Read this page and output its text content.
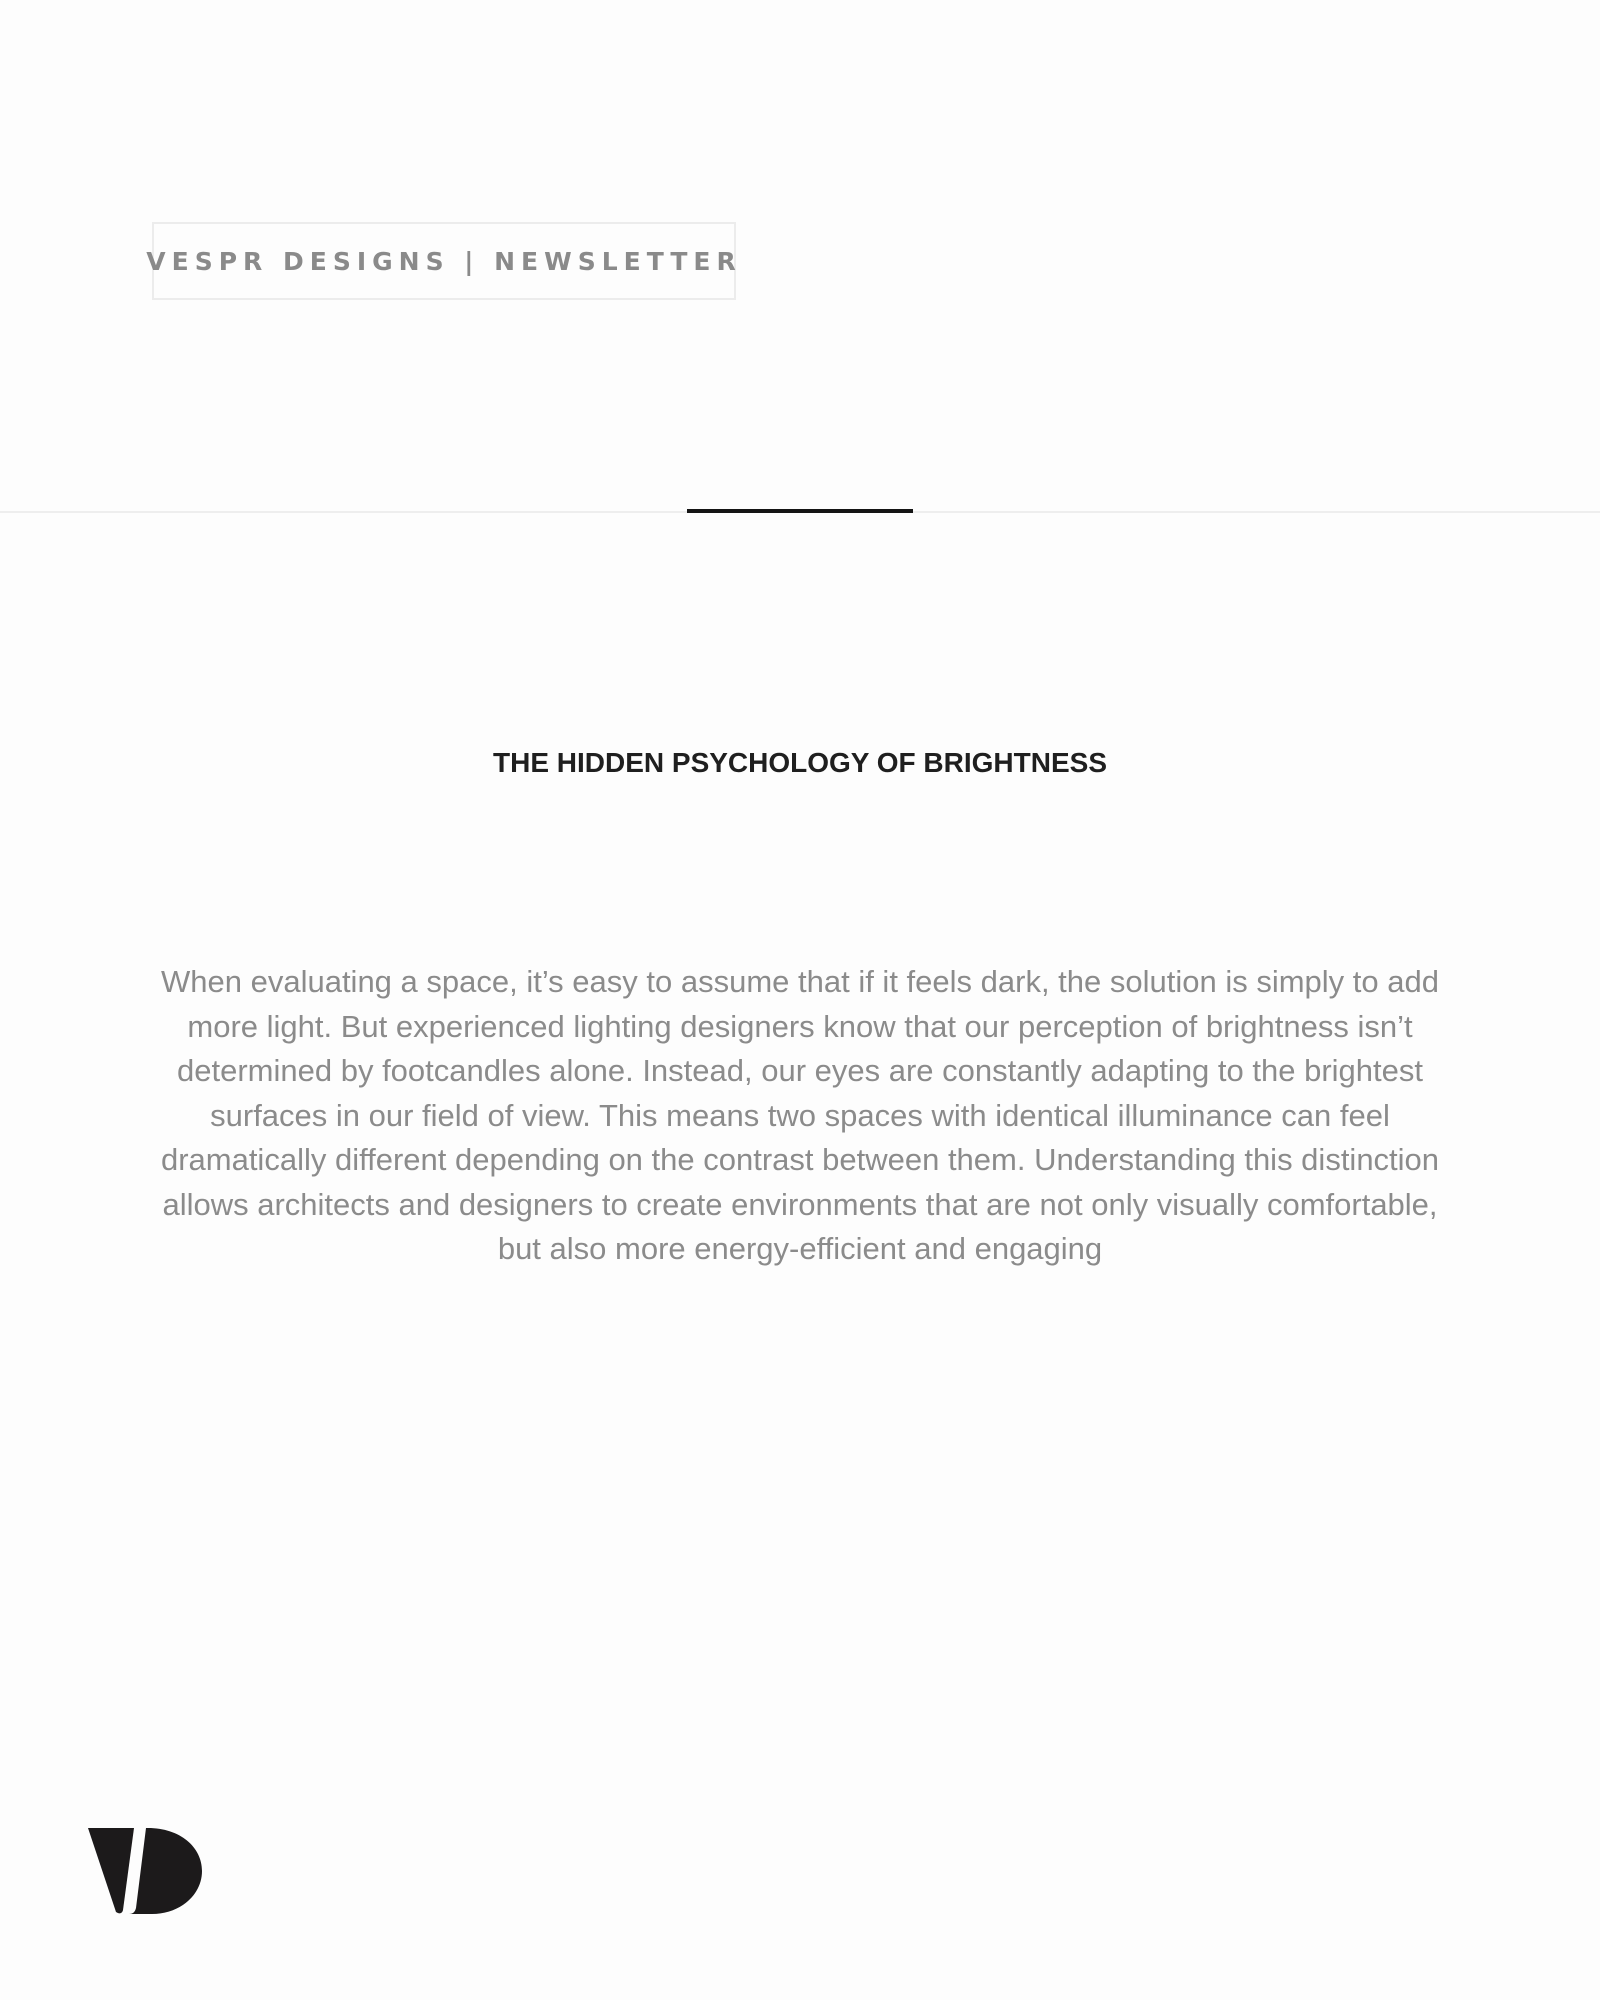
VESPR DESIGNS | NEWSLETTER
THE HIDDEN PSYCHOLOGY OF BRIGHTNESS
When evaluating a space, it’s easy to assume that if it feels dark, the solution is simply to add more light. But experienced lighting designers know that our perception of brightness isn’t determined by footcandles alone. Instead, our eyes are constantly adapting to the brightest surfaces in our field of view. This means two spaces with identical illuminance can feel dramatically different depending on the contrast between them. Understanding this distinction allows architects and designers to create environments that are not only visually comfortable, but also more energy-efficient and engaging
